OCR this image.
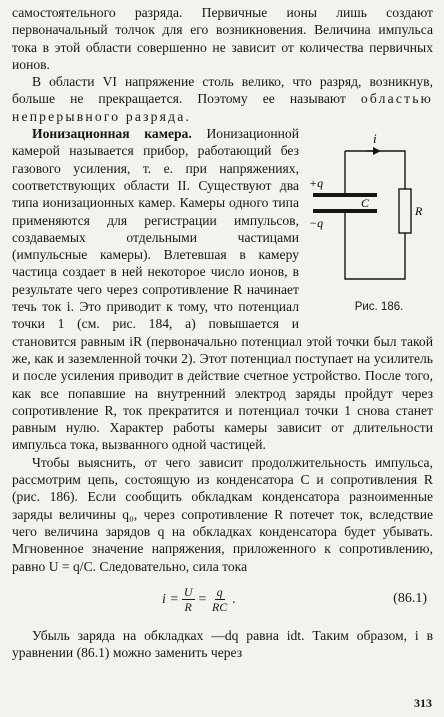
самостоятельного разряда. Первичные ионы лишь создают первоначальный толчок для его возникновения. Величина импульса тока в этой области совершенно не зависит от количества первичных ионов.

В области VI напряжение столь велико, что разряд, возникнув, больше не прекращается. Поэтому ее называют областью непрерывного разряда.

i
+q
−q
C
R
Рис. 186.
Ионизационная камера. Ионизационной камерой называется прибор, работающий без газового усиления, т. е. при напряжениях, соответствующих области II. Существуют два типа ионизационных камер. Камеры одного типа применяются для регистрации импульсов, создаваемых отдельными частицами (импульсные камеры). Влетевшая в камеру частица создает в ней некоторое число ионов, в результате чего через сопротивление R начинает течь ток i. Это приводит к тому, что потенциал точки 1 (см. рис. 184, a) повышается и становится равным iR (первоначально потенциал этой точки был такой же, как и заземленной точки 2). Этот потенциал поступает на усилитель и после усиления приводит в действие счетное устройство. После того, как все попавшие на внутренний электрод заряды пройдут через сопротивление R, ток прекратится и потенциал точки 1 снова станет равным нулю. Характер работы камеры зависит от длительности импульса тока, вызванного одной частицей.

Чтобы выяснить, от чего зависит продолжительность импульса, рассмотрим цепь, состоящую из конденсатора C и сопротивления R (рис. 186). Если сообщить обкладкам конденсатора разноименные заряды величины q₀, через сопротивление R потечет ток, вследствие чего величина зарядов q на обкладках конденсатора будет убывать. Мгновенное значение напряжения, приложенного к сопротивлению, равно U = q/C. Следовательно, сила тока

$i = \frac{U}{R} = \frac{q}{RC}$ .	(86.1)

Убыль заряда на обкладках —dq равна idt. Таким образом, i в уравнении (86.1) можно заменить через

313
